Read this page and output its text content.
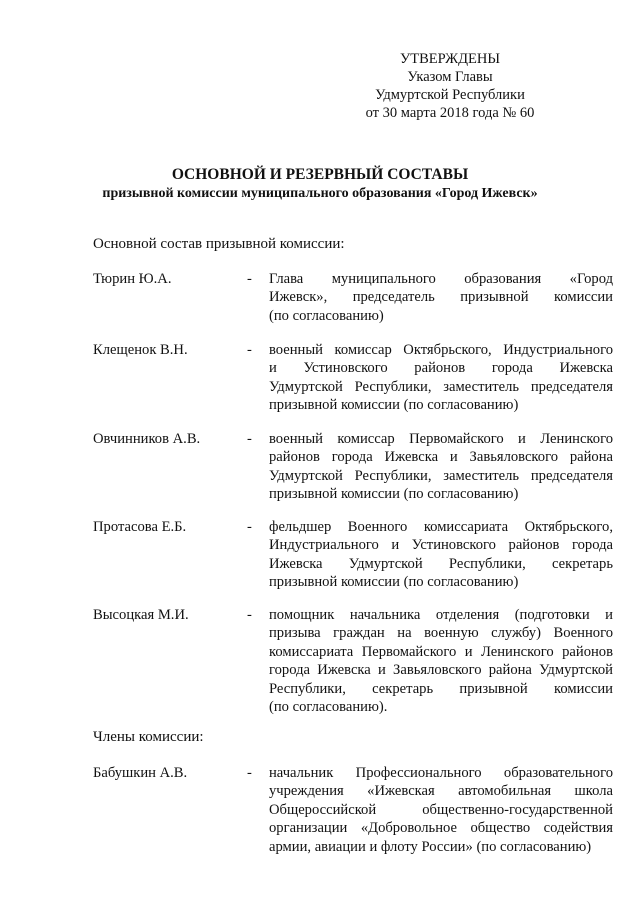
УТВЕРЖДЕНЫ
Указом Главы
Удмуртской Республики
от 30 марта 2018 года № 60
ОСНОВНОЙ И РЕЗЕРВНЫЙ СОСТАВЫ
призывной комиссии муниципального образования «Город Ижевск»
Основной состав призывной комиссии:
Тюрин Ю.А.	-	Глава муниципального образования «Город
Ижевск», председатель призывной комиссии
(по согласованию)
Клещенок В.Н.	-	военный комиссар Октябрьского, Индустриального
и Устиновского районов города Ижевска
Удмуртской Республики, заместитель председателя
призывной комиссии (по согласованию)
Овчинников А.В.	-	военный комиссар Первомайского и Ленинского
районов города Ижевска и Завьяловского района
Удмуртской Республики, заместитель председателя
призывной комиссии (по согласованию)
Протасова Е.Б.	-	фельдшер Военного комиссариата Октябрьского,
Индустриального и Устиновского районов города
Ижевска Удмуртской Республики, секретарь
призывной комиссии (по согласованию)
Высоцкая М.И.	-	помощник начальника отделения (подготовки и
призыва граждан на военную службу) Военного
комиссариата Первомайского и Ленинского районов
города Ижевска и Завьяловского района Удмуртской
Республики, секретарь призывной комиссии
(по согласованию).
Члены комиссии:
Бабушкин А.В.	-	начальник Профессионального образовательного
учреждения «Ижевская автомобильная школа
Общероссийской общественно-государственной
организации «Добровольное общество содействия
армии, авиации и флоту России» (по согласованию)
